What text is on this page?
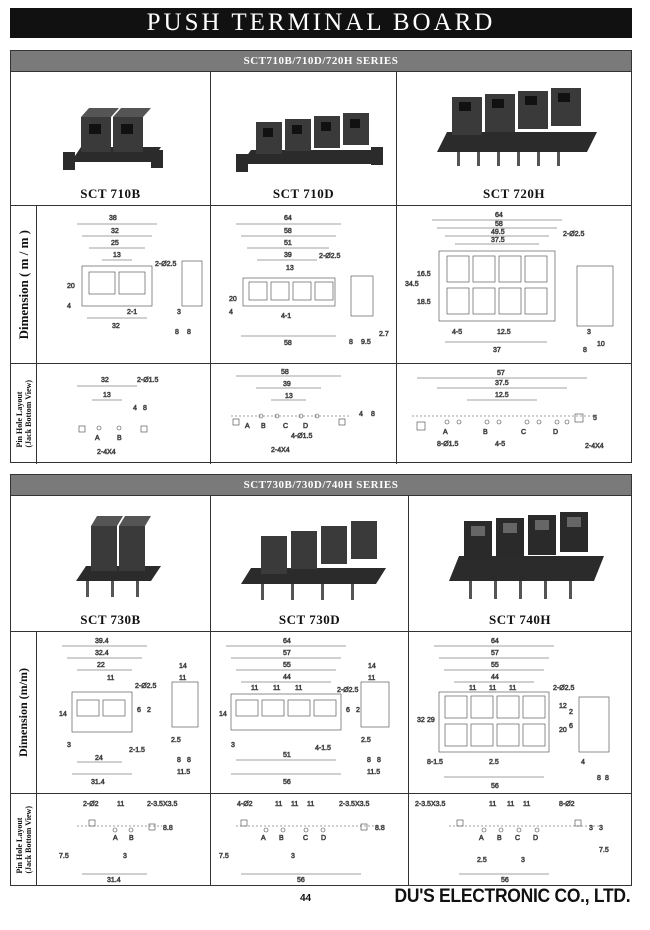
PUSH TERMINAL BOARD
SCT710B/710D/720H SERIES
SCT 710B	SCT 710D	SCT 720H
Dimension ( m / m )
38
32
25
13
2-Ø2.5
20
4
2-1
32
3
8 8
64
58
51
39
13
2-Ø2.5
20
4
4-1
58	8 9.5
2.7
64
58
49.5
37.5
2-Ø2.5
34.5
16.5
18.5
4-5	12.5
37
3
10
8
Pin Hole Layout
(Jack Bottom View)	32	2-Ø1.5
13
4 8
A B
2-4X4
58
39
13
A B C D
4-Ø1.5
2-4X4
4 8
57
37.5
12.5
A	B	C	D
8-Ø1.5	4-5	2-4X4
5
SCT730B/730D/740H SERIES
SCT 730B	SCT 730D	SCT 740H
Dimension (m/m)
39.4
32.4
22
11
2-Ø2.5
14
11
6
14
2
3
24
31.4
2-1.5
2.5
8 8
11.5
64
57
55
44
11 11 11	2-Ø2.5
14
11
6
14
2
3
51
56
4-1.5
2.5
8 8
11.5
64
57
55
44
11 11 11	2-Ø2.5
32 29
12
20
2
6
8-1.5	2.5
56
4
8 8
Pin Hole Layout
(Jack Bottom View)
2-Ø2	11	2-3.5X3.5
A B
7.5	3
31.4
8.8
4-Ø2	11 11 11	2-3.5X3.5
A B	C D
7.5	3
56
8.8
2-3.5X3.5	11 11 11	8-Ø2
A B C D
7.5
3
2.5
56
3
3
44	DU'S ELECTRONIC CO., LTD.
